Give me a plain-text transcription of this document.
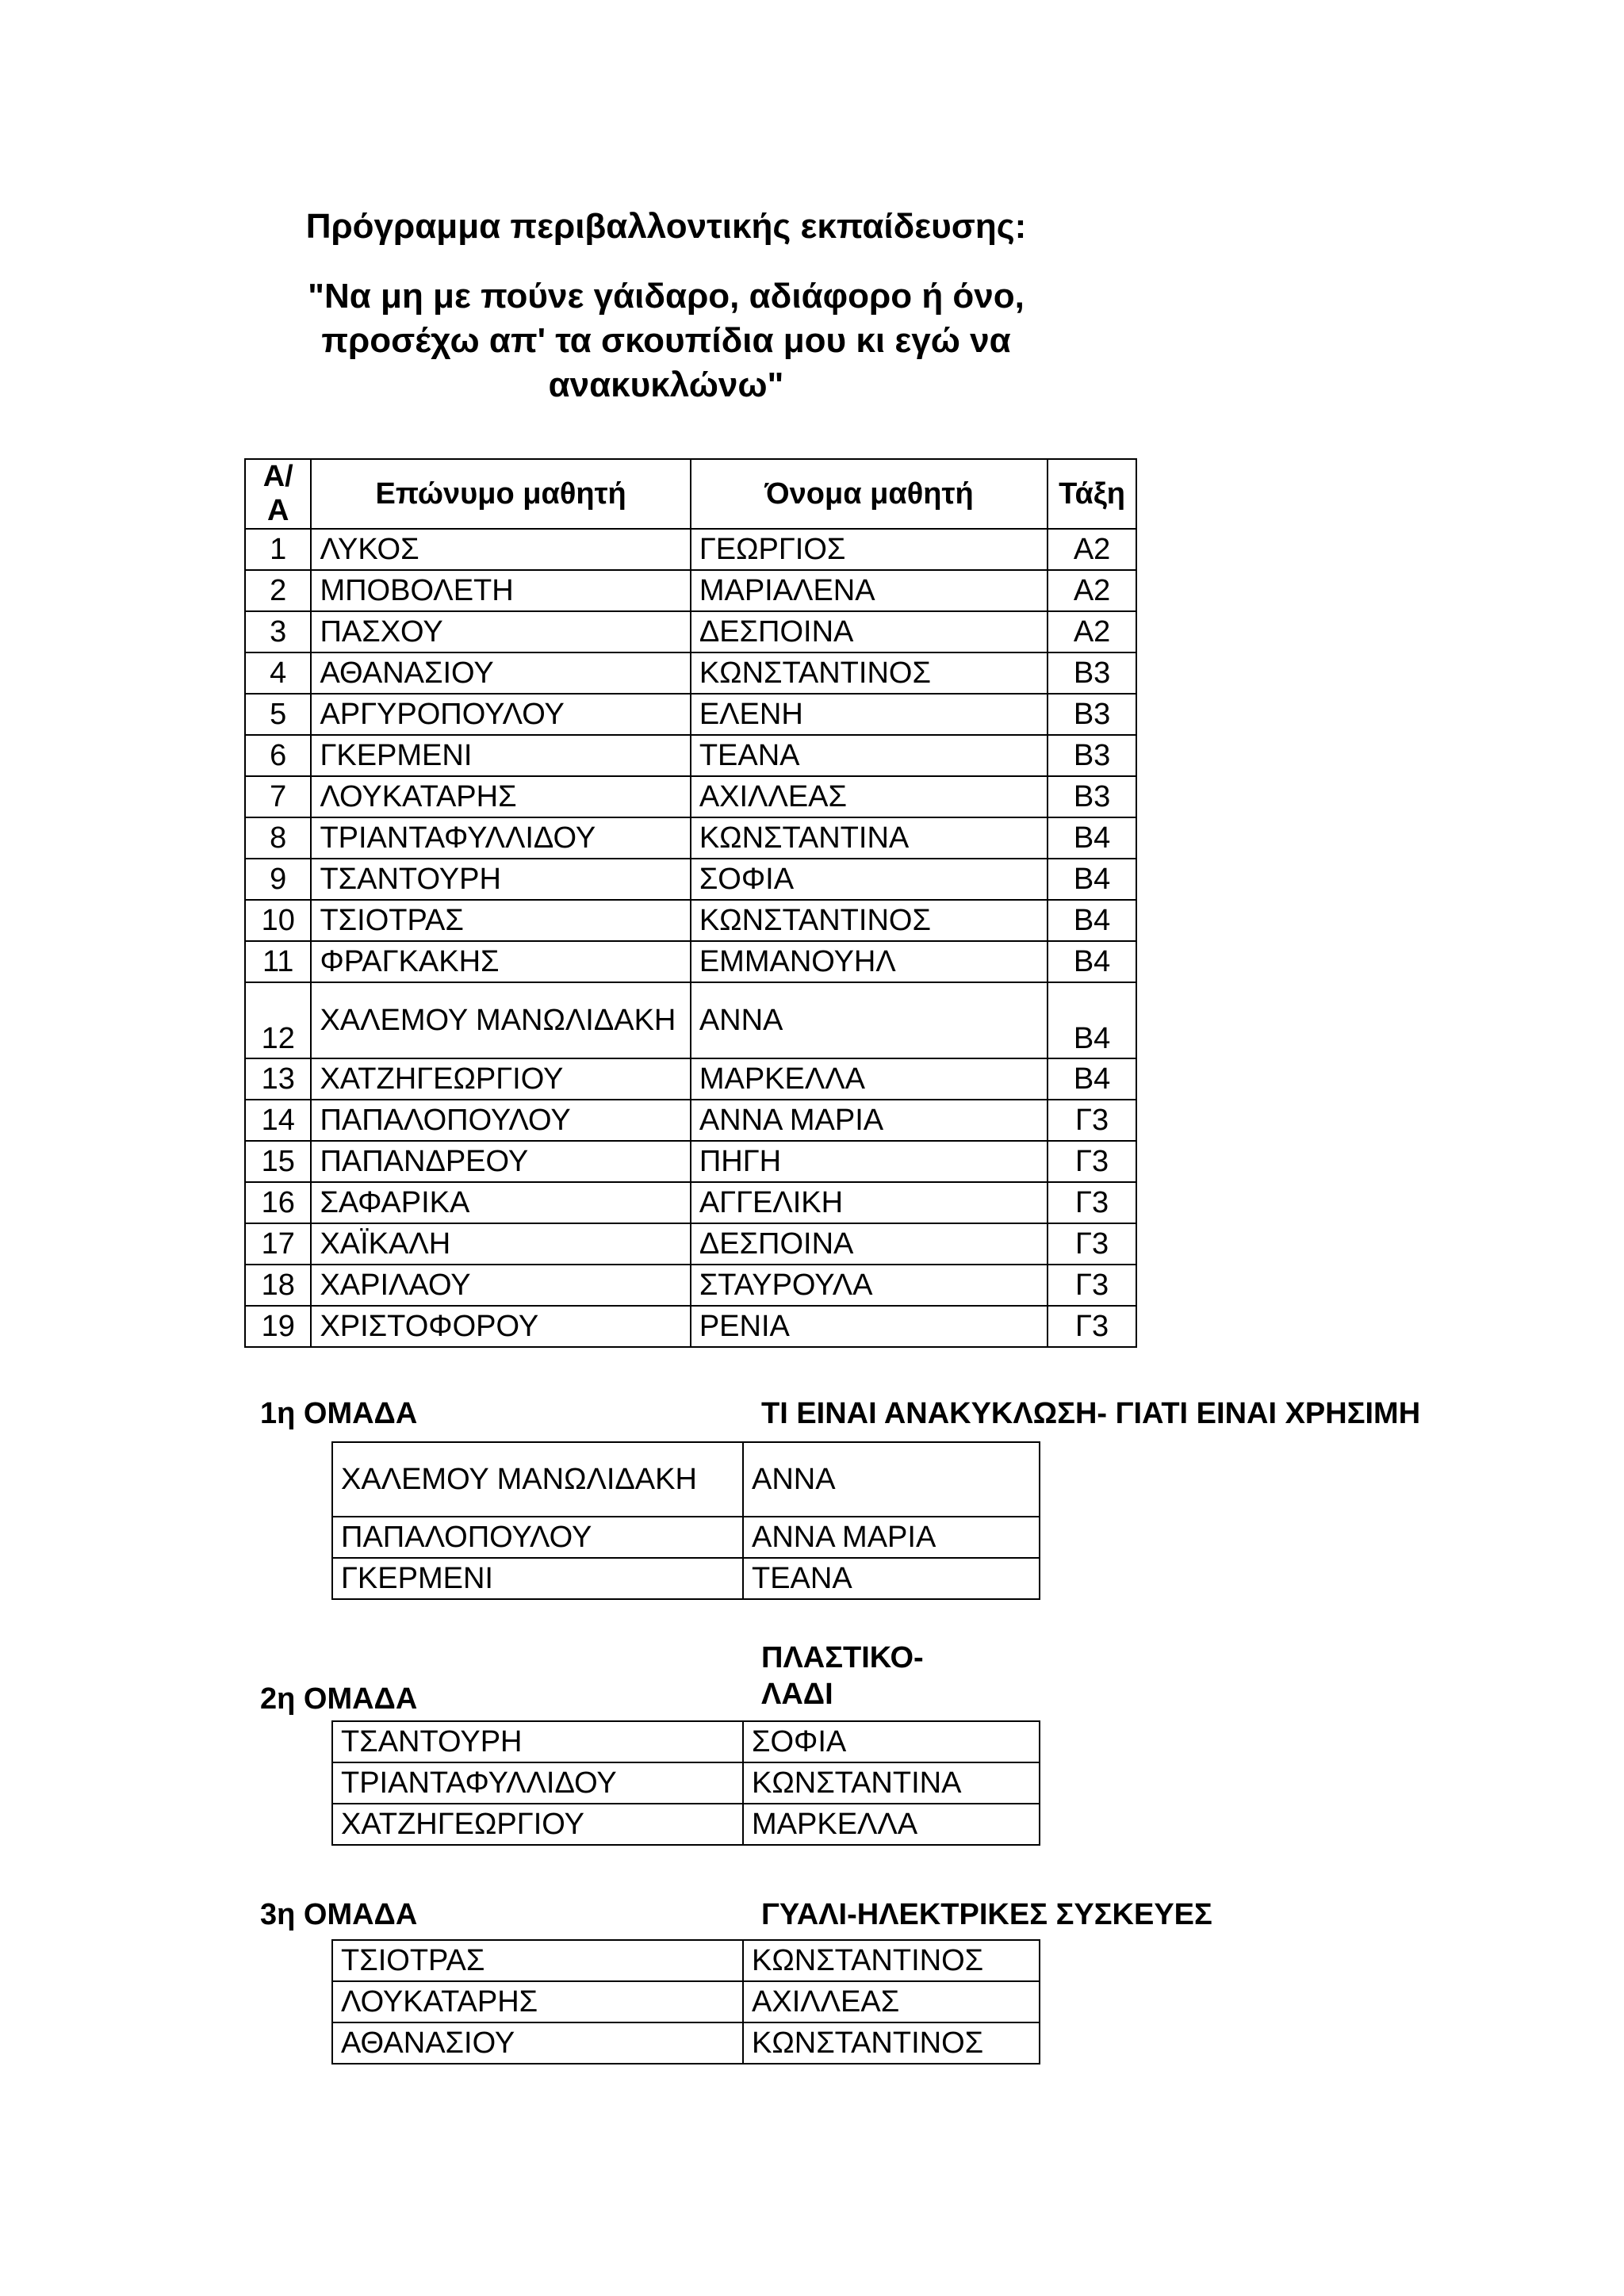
Πρόγραμμα περιβαλλοντικής εκπαίδευσης:
"Να μη με πούνε γάιδαρο, αδιάφορο ή όνο, προσέχω απ' τα σκουπίδια μου κι εγώ να ανακυκλώνω"
Α/Α	Επώνυμο μαθητή	Όνομα μαθητή	Τάξη
1	ΛΥΚΟΣ	ΓΕΩΡΓΙΟΣ	Α2
2	ΜΠΟΒΟΛΕΤΗ	ΜΑΡΙΑΛΕΝΑ	Α2
3	ΠΑΣΧΟΥ	ΔΕΣΠΟΙΝΑ	Α2
4	ΑΘΑΝΑΣΙΟΥ	ΚΩΝΣΤΑΝΤΙΝΟΣ	Β3
5	ΑΡΓΥΡΟΠΟΥΛΟΥ	ΕΛΕΝΗ	Β3
6	ΓΚΕΡΜΕΝΙ	ΤΕΑΝΑ	Β3
7	ΛΟΥΚΑΤΑΡΗΣ	ΑΧΙΛΛΕΑΣ	Β3
8	ΤΡΙΑΝΤΑΦΥΛΛΙΔΟΥ	ΚΩΝΣΤΑΝΤΙΝΑ	Β4
9	ΤΣΑΝΤΟΥΡΗ	ΣΟΦΙΑ	Β4
10	ΤΣΙΟΤΡΑΣ	ΚΩΝΣΤΑΝΤΙΝΟΣ	Β4
11	ΦΡΑΓΚΑΚΗΣ	ΕΜΜΑΝΟΥΗΛ	Β4
12	ΧΑΛΕΜΟΥ ΜΑΝΩΛΙΔΑΚΗ	ΑΝΝΑ	Β4
13	ΧΑΤΖΗΓΕΩΡΓΙΟΥ	ΜΑΡΚΕΛΛΑ	Β4
14	ΠΑΠΑΛΟΠΟΥΛΟΥ	ΑΝΝΑ ΜΑΡΙΑ	Γ3
15	ΠΑΠΑΝΔΡΕΟΥ	ΠΗΓΗ	Γ3
16	ΣΑΦΑΡΙΚΑ	ΑΓΓΕΛΙΚΗ	Γ3
17	ΧΑΪΚΑΛΗ	ΔΕΣΠΟΙΝΑ	Γ3
18	ΧΑΡΙΛΑΟΥ	ΣΤΑΥΡΟΥΛΑ	Γ3
19	ΧΡΙΣΤΟΦΟΡΟΥ	ΡΕΝΙΑ	Γ3
1η ΟΜΑΔΑ	ΤΙ ΕΙΝΑΙ ΑΝΑΚΥΚΛΩΣΗ- ΓΙΑΤΙ ΕΙΝΑΙ ΧΡΗΣΙΜΗ
ΧΑΛΕΜΟΥ ΜΑΝΩΛΙΔΑΚΗ	ΑΝΝΑ
ΠΑΠΑΛΟΠΟΥΛΟΥ	ΑΝΝΑ ΜΑΡΙΑ
ΓΚΕΡΜΕΝΙ	ΤΕΑΝΑ
ΠΛΑΣΤΙΚΟ- ΛΑΔΙ
2η ΟΜΑΔΑ
ΤΣΑΝΤΟΥΡΗ	ΣΟΦΙΑ
ΤΡΙΑΝΤΑΦΥΛΛΙΔΟΥ	ΚΩΝΣΤΑΝΤΙΝΑ
ΧΑΤΖΗΓΕΩΡΓΙΟΥ	ΜΑΡΚΕΛΛΑ
3η ΟΜΑΔΑ	ΓΥΑΛΙ-ΗΛΕΚΤΡΙΚΕΣ ΣΥΣΚΕΥΕΣ
ΤΣΙΟΤΡΑΣ	ΚΩΝΣΤΑΝΤΙΝΟΣ
ΛΟΥΚΑΤΑΡΗΣ	ΑΧΙΛΛΕΑΣ
ΑΘΑΝΑΣΙΟΥ	ΚΩΝΣΤΑΝΤΙΝΟΣ
